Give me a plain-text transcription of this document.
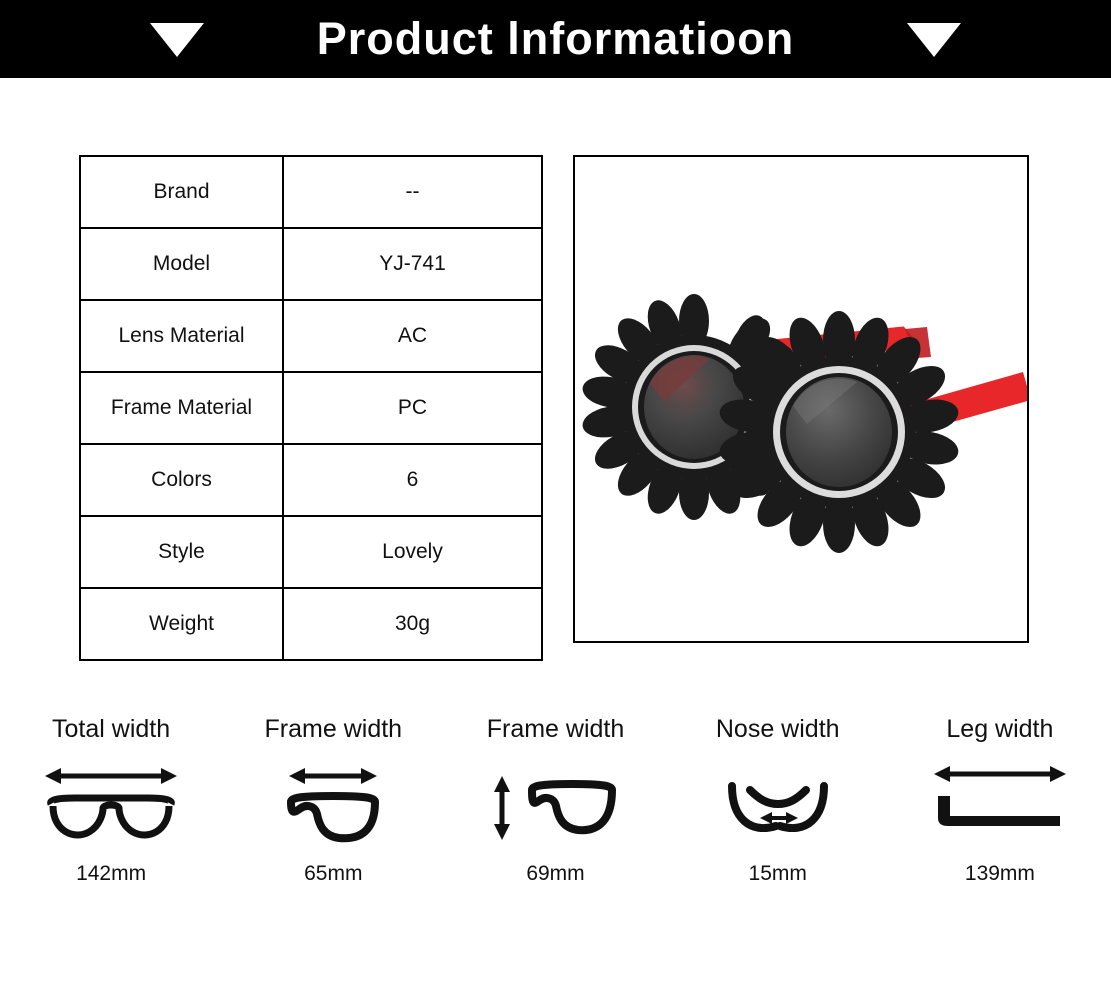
Product lnformatioon
Brand	--
Model	YJ-741
Lens Material	AC
Frame Material	PC
Colors	6
Style	Lovely
Weight	30g
Total width
142mm
Frame width
65mm
Frame width
69mm
Nose width
15mm
Leg width
139mm
